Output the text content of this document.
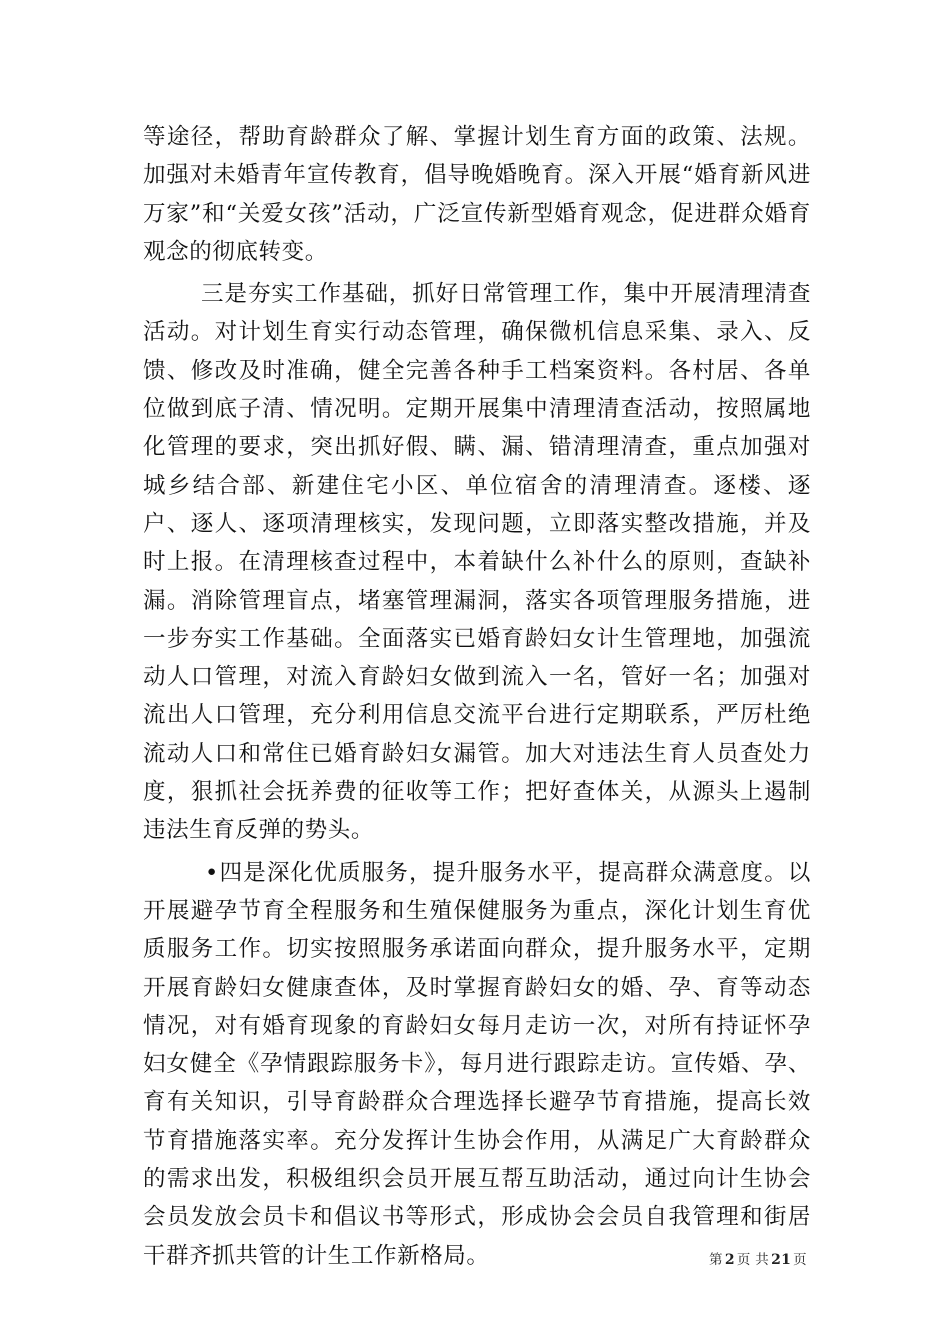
等途径，帮助育龄群众了解、掌握计划生育方面的政策、法规。加强对未婚青年宣传教育，倡导晚婚晚育。深入开展“婚育新风进万家”和“关爱女孩”活动，广泛宣传新型婚育观念，促进群众婚育观念的彻底转变。

三是夯实工作基础，抓好日常管理工作，集中开展清理清查活动。对计划生育实行动态管理，确保微机信息采集、录入、反馈、修改及时准确，健全完善各种手工档案资料。各村居、各单位做到底子清、情况明。定期开展集中清理清查活动，按照属地化管理的要求，突出抓好假、瞒、漏、错清理清查，重点加强对城乡结合部、新建住宅小区、单位宿舍的清理清查。逐楼、逐户、逐人、逐项清理核实，发现问题，立即落实整改措施，并及时上报。在清理核查过程中，本着缺什么补什么的原则，查缺补漏。消除管理盲点，堵塞管理漏洞，落实各项管理服务措施，进一步夯实工作基础。全面落实已婚育龄妇女计生管理地，加强流动人口管理，对流入育龄妇女做到流入一名，管好一名；加强对流出人口管理，充分利用信息交流平台进行定期联系，严厉杜绝流动人口和常住已婚育龄妇女漏管。加大对违法生育人员查处力度，狠抓社会抚养费的征收等工作；把好查体关，从源头上遏制违法生育反弹的势头。

•四是深化优质服务，提升服务水平，提高群众满意度。以开展避孕节育全程服务和生殖保健服务为重点，深化计划生育优质服务工作。切实按照服务承诺面向群众，提升服务水平，定期开展育龄妇女健康查体，及时掌握育龄妇女的婚、孕、育等动态情况，对有婚育现象的育龄妇女每月走访一次，对所有持证怀孕妇女健全《孕情跟踪服务卡》，每月进行跟踪走访。宣传婚、孕、育有关知识，引导育龄群众合理选择长避孕节育措施，提高长效节育措施落实率。充分发挥计生协会作用，从满足广大育龄群众的需求出发，积极组织会员开展互帮互助活动，通过向计生协会会员发放会员卡和倡议书等形式，形成协会会员自我管理和街居干群齐抓共管的计生工作新格局。	第 2 页 共 21 页
